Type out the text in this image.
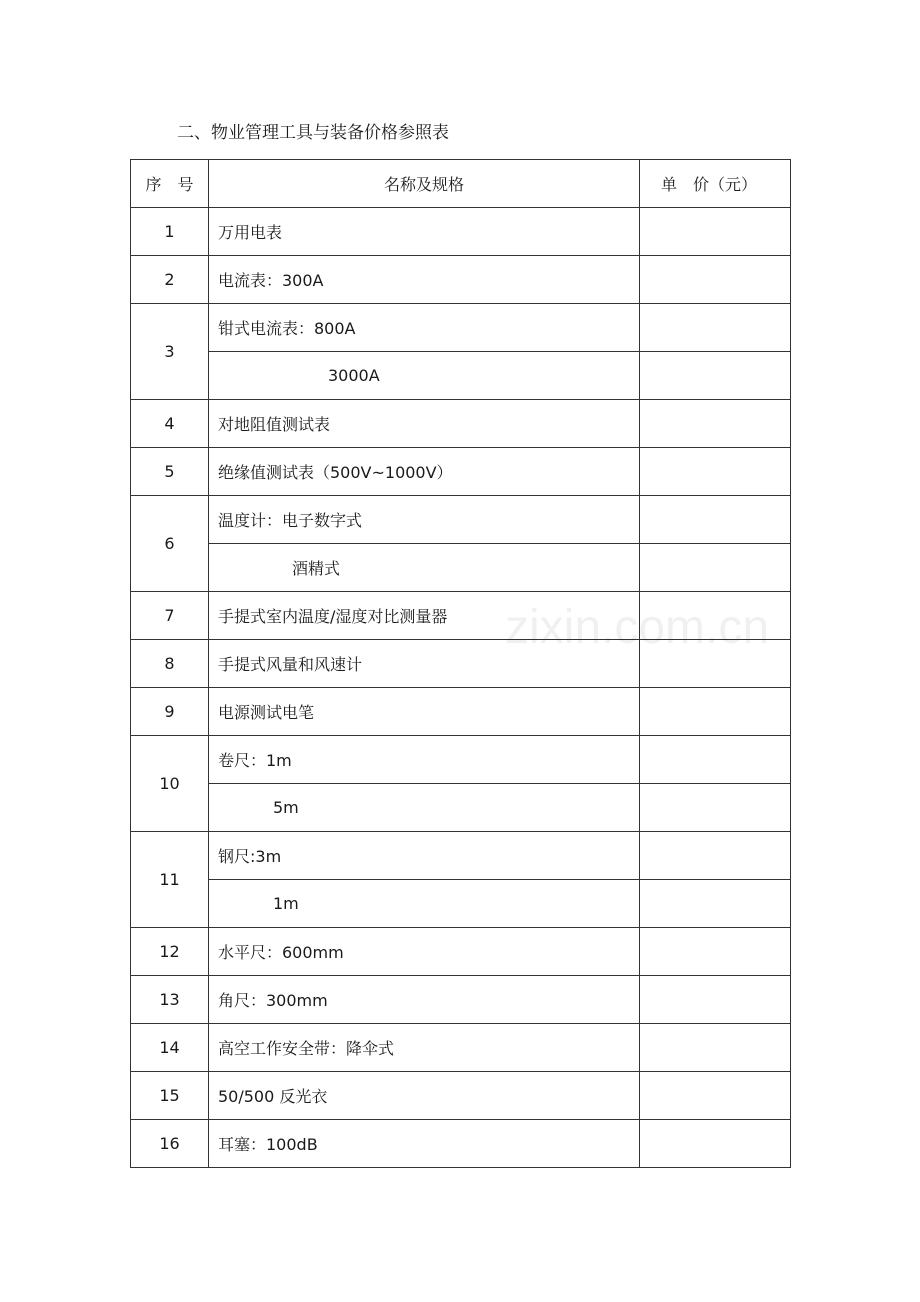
二、物业管理工具与装备价格参照表
zixin.com.cn
序　号	名称及规格	单　价（元）
1	万用电表	
2	电流表：300A	
3	钳式电流表：800A	
	3000A	
4	对地阻值测试表	
5	绝缘值测试表（500V~1000V）	
6	温度计：电子数字式	
	酒精式	
7	手提式室内温度/湿度对比测量器	
8	手提式风量和风速计	
9	电源测试电笔	
10	卷尺：1m	
	5m	
11	钢尺:3m	
	1m	
12	水平尺：600mm	
13	角尺：300mm	
14	高空工作安全带：降伞式	
15	50/500 反光衣	
16	耳塞：100dB	
